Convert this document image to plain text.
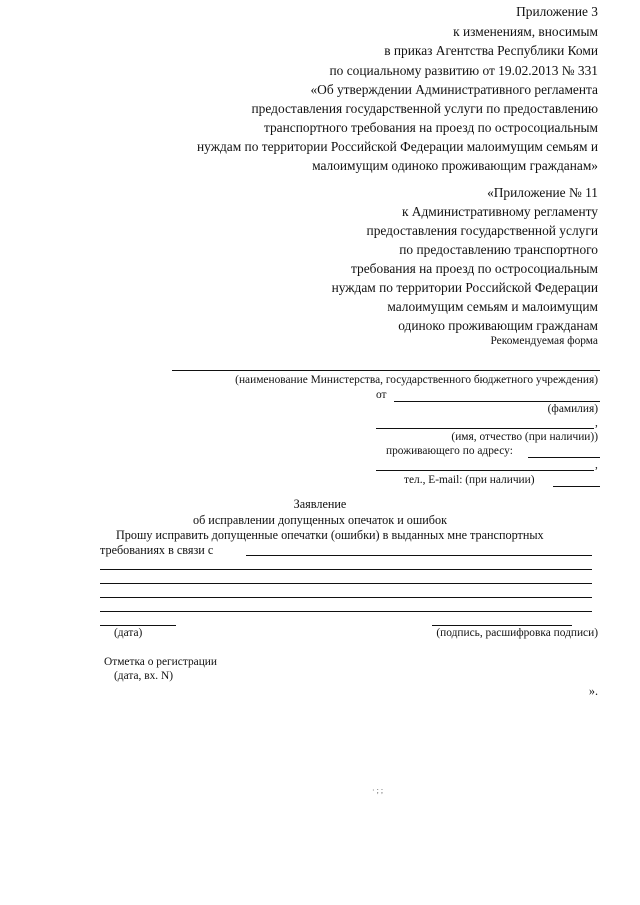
Приложение 3
к изменениям, вносимым
в приказ Агентства Республики Коми
по социальному развитию от 19.02.2013 № 331
«Об утверждении Административного регламента
предоставления государственной услуги по предоставлению
транспортного требования на проезд по остросоциальным
нуждам по территории Российской Федерации малоимущим семьям и
малоимущим одиноко проживающим гражданам»
«Приложение № 11
к Административному регламенту
предоставления государственной услуги
по предоставлению транспортного
требования на проезд по остросоциальным
нуждам по территории Российской Федерации
малоимущим семьям и малоимущим
одиноко проживающим гражданам
Рекомендуемая форма
(наименование Министерства, государственного бюджетного учреждения)
от
(фамилия)
,
(имя, отчество (при наличии))
проживающего по адресу:
,
тел., E-mail: (при наличии)
Заявление
об исправлении допущенных опечаток и ошибок
Прошу исправить допущенные опечатки (ошибки) в выданных мне транспортных
требованиях в связи с
(дата)	(подпись, расшифровка подписи)
Отметка о регистрации
(дата, вх. N)
».
· ; ;
